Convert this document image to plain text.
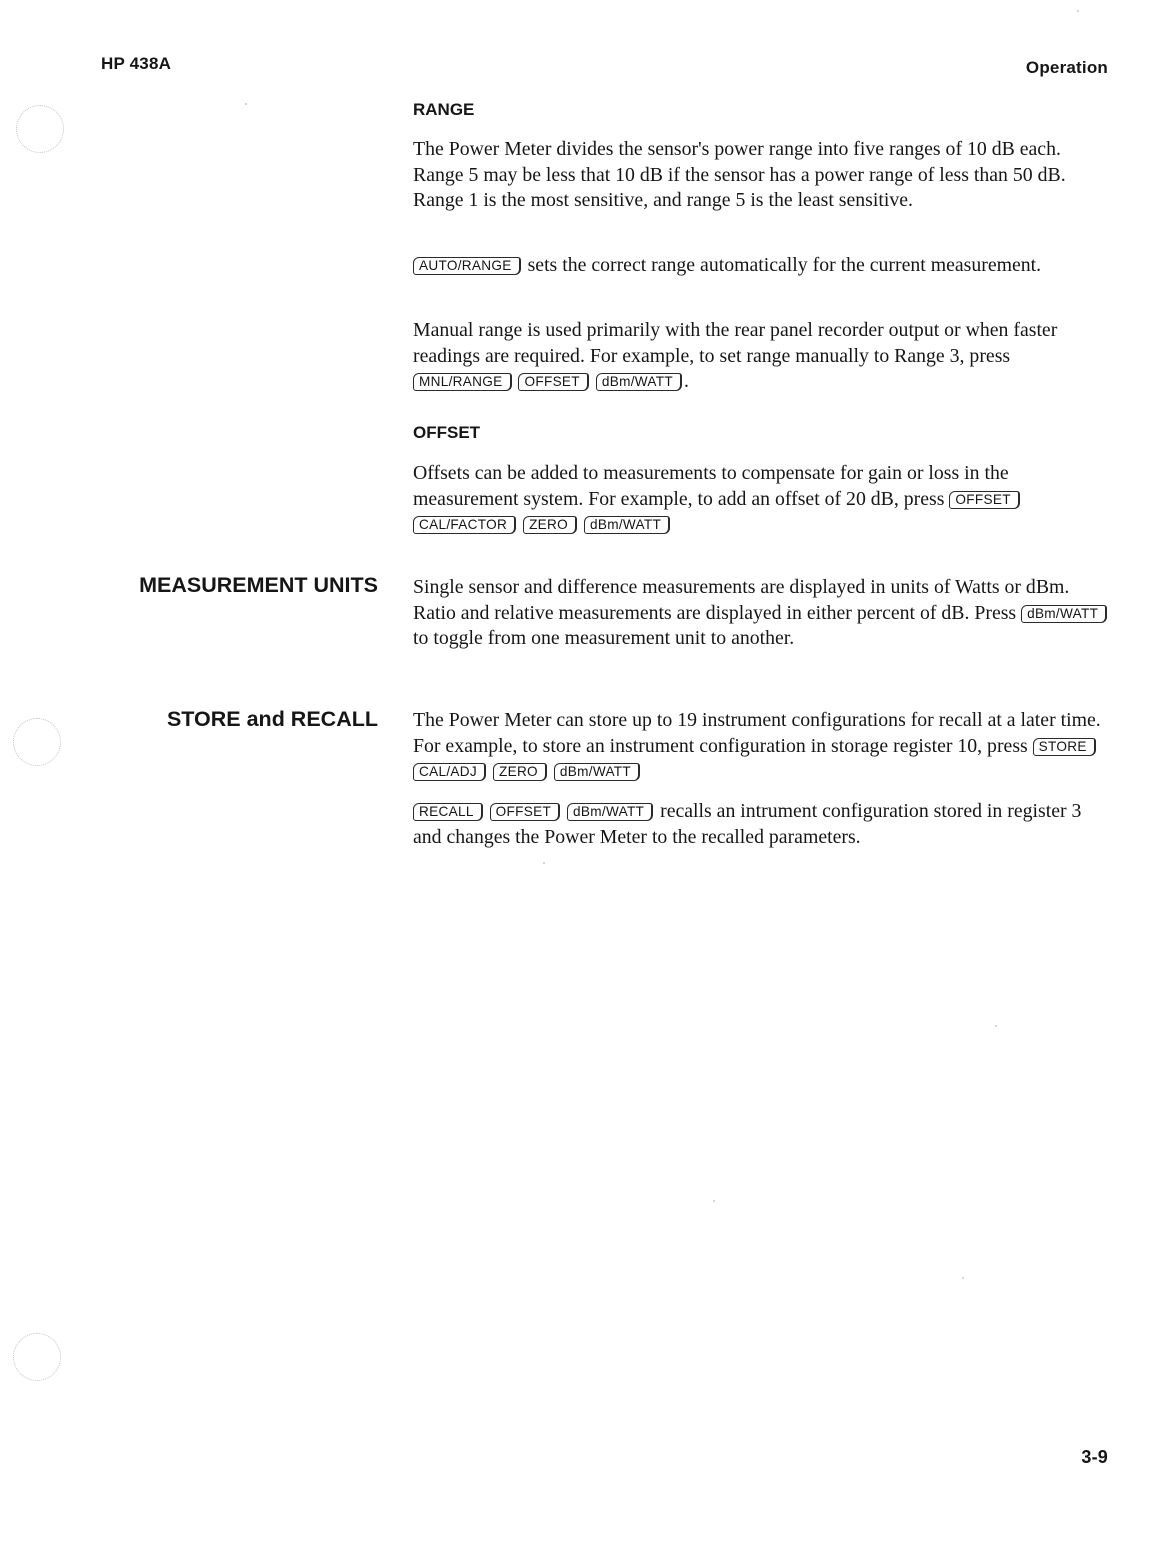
HP 438A	Operation
RANGE

The Power Meter divides the sensor's power range into five ranges of 10 dB each. Range 5 may be less that 10 dB if the sensor has a power range of less than 50 dB. Range 1 is the most sensitive, and range 5 is the least sensitive.

AUTO/RANGE sets the correct range automatically for the current measurement.

Manual range is used primarily with the rear panel recorder output or when faster readings are required. For example, to set range manually to Range 3, press MNL/RANGE OFFSET dBm/WATT .

OFFSET

Offsets can be added to measurements to compensate for gain or loss in the measurement system. For example, to add an offset of 20 dB, press OFFSET CAL/FACTOR ZERO dBm/WATT

MEASUREMENT UNITS Single sensor and difference measurements are displayed in units of Watts or dBm. Ratio and relative measurements are displayed in either percent of dB. Press dBm/WATT to toggle from one measurement unit to another.

STORE and RECALL The Power Meter can store up to 19 instrument configurations for recall at a later time. For example, to store an instrument configuration in storage register 10, press STORE CAL/ADJ ZERO dBm/WATT

RECALL OFFSET dBm/WATT recalls an intrument configuration stored in register 3 and changes the Power Meter to the recalled parameters.

3-9
